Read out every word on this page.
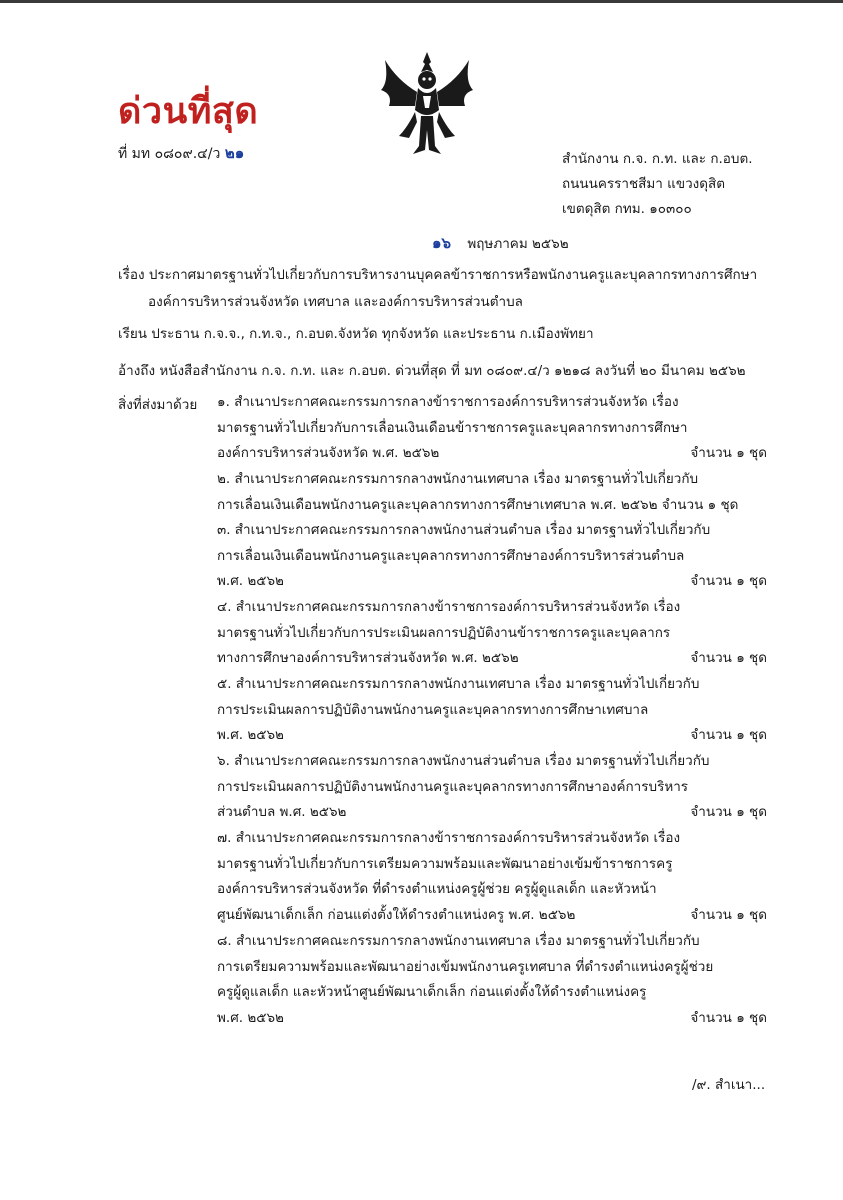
ด่วนที่สุด
ที่ มท ๐๘๐๙.๔/ว ๒๑	สำนักงาน ก.จ. ก.ท. และ ก.อบต.
ถนนนครราชสีมา แขวงดุสิต
เขตดุสิต กทม. ๑๐๓๐๐
๑๖ พฤษภาคม ๒๕๖๒
เรื่อง ประกาศมาตรฐานทั่วไปเกี่ยวกับการบริหารงานบุคคลข้าราชการหรือพนักงานครูและบุคลากรทางการศึกษา
องค์การบริหารส่วนจังหวัด เทศบาล และองค์การบริหารส่วนตำบล
เรียน ประธาน ก.จ.จ., ก.ท.จ., ก.อบต.จังหวัด ทุกจังหวัด และประธาน ก.เมืองพัทยา
อ้างถึง หนังสือสำนักงาน ก.จ. ก.ท. และ ก.อบต. ด่วนที่สุด ที่ มท ๐๘๐๙.๔/ว ๑๒๑๘ ลงวันที่ ๒๐ มีนาคม ๒๕๖๒
สิ่งที่ส่งมาด้วย ๑. สำเนาประกาศคณะกรรมการกลางข้าราชการองค์การบริหารส่วนจังหวัด เรื่อง
มาตรฐานทั่วไปเกี่ยวกับการเลื่อนเงินเดือนข้าราชการครูและบุคลากรทางการศึกษา
องค์การบริหารส่วนจังหวัด พ.ศ. ๒๕๖๒	จำนวน ๑ ชุด
๒. สำเนาประกาศคณะกรรมการกลางพนักงานเทศบาล เรื่อง มาตรฐานทั่วไปเกี่ยวกับ
การเลื่อนเงินเดือนพนักงานครูและบุคลากรทางการศึกษาเทศบาล พ.ศ. ๒๕๖๒ จำนวน ๑ ชุด
๓. สำเนาประกาศคณะกรรมการกลางพนักงานส่วนตำบล เรื่อง มาตรฐานทั่วไปเกี่ยวกับ
การเลื่อนเงินเดือนพนักงานครูและบุคลากรทางการศึกษาองค์การบริหารส่วนตำบล
พ.ศ. ๒๕๖๒	จำนวน ๑ ชุด
๔. สำเนาประกาศคณะกรรมการกลางข้าราชการองค์การบริหารส่วนจังหวัด เรื่อง
มาตรฐานทั่วไปเกี่ยวกับการประเมินผลการปฏิบัติงานข้าราชการครูและบุคลากร
ทางการศึกษาองค์การบริหารส่วนจังหวัด พ.ศ. ๒๕๖๒	จำนวน ๑ ชุด
๕. สำเนาประกาศคณะกรรมการกลางพนักงานเทศบาล เรื่อง มาตรฐานทั่วไปเกี่ยวกับ
การประเมินผลการปฏิบัติงานพนักงานครูและบุคลากรทางการศึกษาเทศบาล
พ.ศ. ๒๕๖๒	จำนวน ๑ ชุด
๖. สำเนาประกาศคณะกรรมการกลางพนักงานส่วนตำบล เรื่อง มาตรฐานทั่วไปเกี่ยวกับ
การประเมินผลการปฏิบัติงานพนักงานครูและบุคลากรทางการศึกษาองค์การบริหาร
ส่วนตำบล พ.ศ. ๒๕๖๒	จำนวน ๑ ชุด
๗. สำเนาประกาศคณะกรรมการกลางข้าราชการองค์การบริหารส่วนจังหวัด เรื่อง
มาตรฐานทั่วไปเกี่ยวกับการเตรียมความพร้อมและพัฒนาอย่างเข้มข้าราชการครู
องค์การบริหารส่วนจังหวัด ที่ดำรงตำแหน่งครูผู้ช่วย ครูผู้ดูแลเด็ก และหัวหน้า
ศูนย์พัฒนาเด็กเล็ก ก่อนแต่งตั้งให้ดำรงตำแหน่งครู พ.ศ. ๒๕๖๒	จำนวน ๑ ชุด
๘. สำเนาประกาศคณะกรรมการกลางพนักงานเทศบาล เรื่อง มาตรฐานทั่วไปเกี่ยวกับ
การเตรียมความพร้อมและพัฒนาอย่างเข้มพนักงานครูเทศบาล ที่ดำรงตำแหน่งครูผู้ช่วย
ครูผู้ดูแลเด็ก และหัวหน้าศูนย์พัฒนาเด็กเล็ก ก่อนแต่งตั้งให้ดำรงตำแหน่งครู
พ.ศ. ๒๕๖๒	จำนวน ๑ ชุด
/๙. สำเนา...
